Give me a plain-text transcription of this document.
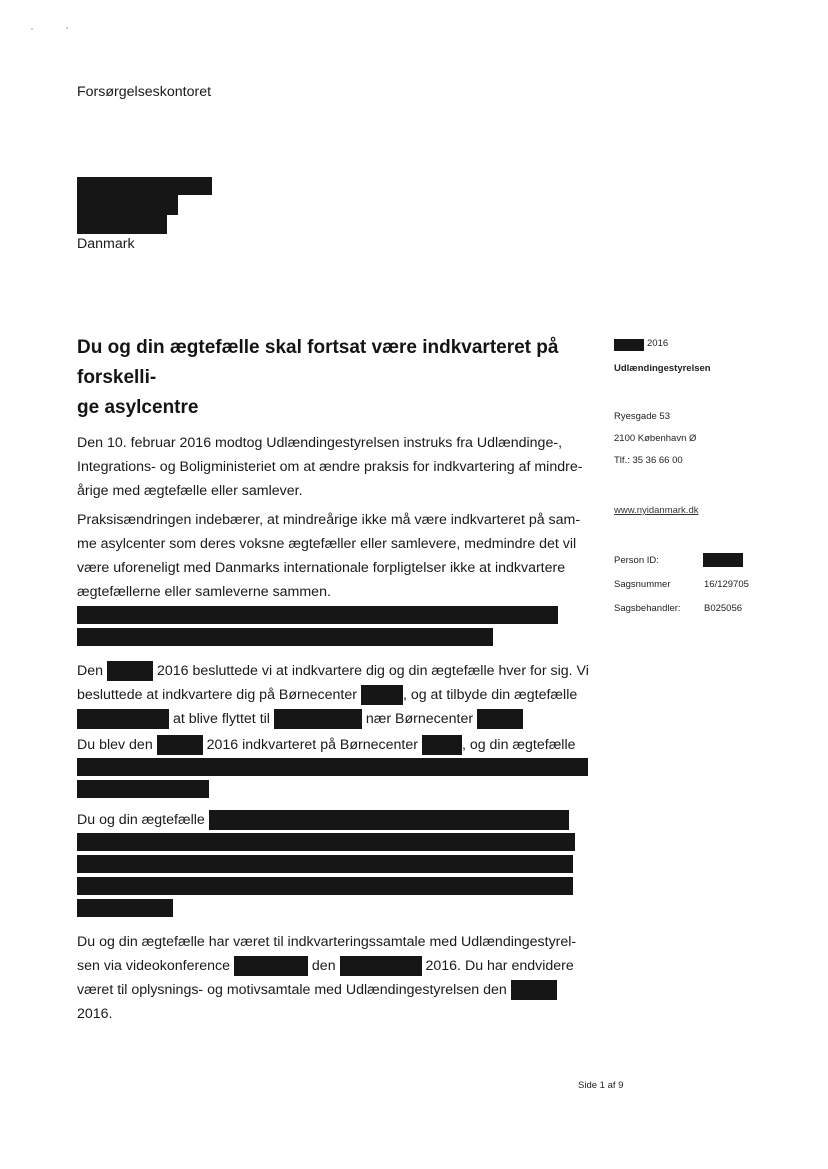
Forsørgelseskontoret
Danmark
Du og din ægtefælle skal fortsat være indkvarteret på forskelli-
ge asylcentre
2016
Udlændingestyrelsen
Ryesgade 53
2100 København Ø
Tlf.: 35 36 66 00
www.nyidanmark.dk
Person ID:
Sagsnummer	16/129705
Sagsbehandler: B025056
Den 10. februar 2016 modtog Udlændingestyrelsen instruks fra Udlændinge-,
Integrations- og Boligministeriet om at ændre praksis for indkvartering af mindre-
årige med ægtefælle eller samlever.
Praksisændringen indebærer, at mindreårige ikke må være indkvarteret på sam-
me asylcenter som deres voksne ægtefæller eller samlevere, medmindre det vil
være uforeneligt med Danmarks internationale forpligtelser ikke at indkvartere
ægtefællerne eller samleverne sammen.
Den	2016 besluttede vi at indkvartere dig og din ægtefælle hver for sig. Vi
besluttede at indkvartere dig på Børnecenter	, og at tilbyde din ægtefælle
at blive flyttet til	nær Børnecenter
Du blev den	2016 indkvarteret på Børnecenter	, og din ægtefælle
Du og din ægtefælle
Du og din ægtefælle har været til indkvarteringssamtale med Udlændingestyrel-
sen via videokonference	den	2016. Du har endvidere
været til oplysnings- og motivsamtale med Udlændingestyrelsen den
2016.
Side 1 af 9
